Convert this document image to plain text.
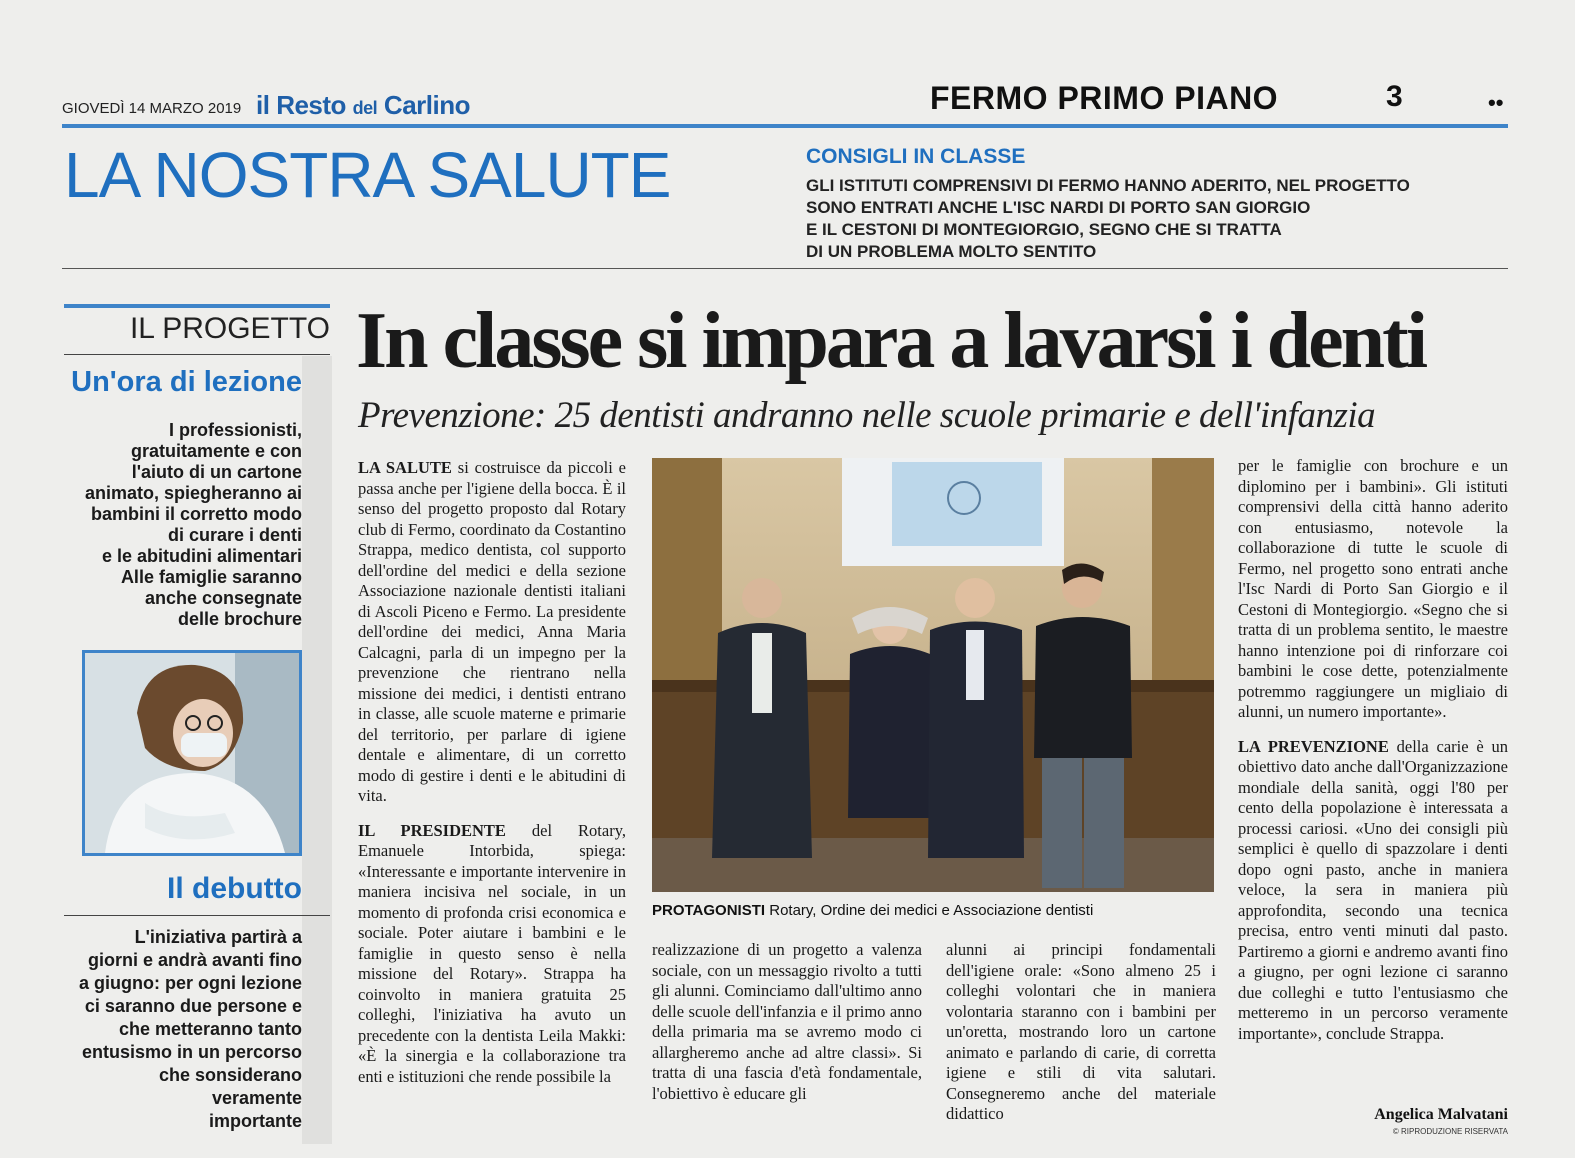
GIOVEDÌ 14 MARZO 2019 il Resto del Carlino	FERMO PRIMO PIANO	3	••
LA NOSTRA SALUTE	CONSIGLI IN CLASSE
GLI ISTITUTI COMPRENSIVI DI FERMO HANNO ADERITO, NEL PROGETTO
SONO ENTRATI ANCHE L'ISC NARDI DI PORTO SAN GIORGIO
E IL CESTONI DI MONTEGIORGIO, SEGNO CHE SI TRATTA
DI UN PROBLEMA MOLTO SENTITO
IL PROGETTO
Un'ora di lezione
I professionisti,
gratuitamente e con
l'aiuto di un cartone
animato, spiegheranno ai
bambini il corretto modo
di curare i denti
e le abitudini alimentari
Alle famiglie saranno
anche consegnate
delle brochure
Il debutto
L'iniziativa partirà a
giorni e andrà avanti fino
a giugno: per ogni lezione
ci saranno due persone e
che metteranno tanto
entusismo in un percorso
che sonsiderano
veramente
importante
In classe si impara a lavarsi i denti
Prevenzione: 25 dentisti andranno nelle scuole primarie e dell'infanzia

LA SALUTE si costruisce da piccoli e passa anche per l'igiene della bocca. È il senso del progetto proposto dal Rotary club di Fermo, coordinato da Costantino Strappa, medico dentista, col supporto dell'ordine del medici e della sezione Associazione nazionale dentisti italiani di Ascoli Piceno e Fermo. La presidente dell'ordine dei medici, Anna Maria Calcagni, parla di un impegno per la prevenzione che rientrano nella missione dei medici, i dentisti entrano in classe, alle scuole materne e primarie del territorio, per parlare di igiene dentale e alimentare, di un corretto modo di gestire i denti e le abitudini di vita.

IL PRESIDENTE del Rotary, Emanuele Intorbida, spiega: «Interessante e importante intervenire in maniera incisiva nel sociale, in un momento di profonda crisi economica e sociale. Poter aiutare i bambini e le famiglie in questo senso è nella missione del Rotary». Strappa ha coinvolto in maniera gratuita 25 colleghi, l'iniziativa ha avuto un precedente con la dentista Leila Makki: «È la sinergia e la collaborazione tra enti e istituzioni che rende possibile la

PROTAGONISTI Rotary, Ordine dei medici e Associazione dentisti

realizzazione di un progetto a valenza sociale, con un messaggio rivolto a tutti gli alunni. Cominciamo dall'ultimo anno delle scuole dell'infanzia e il primo anno della primaria ma se avremo modo ci allargheremo anche ad altre classi». Si tratta di una fascia d'età fondamentale, l'obiettivo è educare gli

alunni ai principi fondamentali dell'igiene orale: «Sono almeno 25 i colleghi volontari che in maniera volontaria staranno con i bambini per un'oretta, mostrando loro un cartone animato e parlando di carie, di corretta igiene e stili di vita salutari. Consegneremo anche del materiale didattico

per le famiglie con brochure e un diplomino per i bambini». Gli istituti comprensivi della città hanno aderito con entusiasmo, notevole la collaborazione di tutte le scuole di Fermo, nel progetto sono entrati anche l'Isc Nardi di Porto San Giorgio e il Cestoni di Montegiorgio. «Segno che si tratta di un problema sentito, le maestre hanno intenzione poi di rinforzare coi bambini le cose dette, potenzialmente potremmo raggiungere un migliaio di alunni, un numero importante».

LA PREVENZIONE della carie è un obiettivo dato anche dall'Organizzazione mondiale della sanità, oggi l'80 per cento della popolazione è interessata a processi cariosi. «Uno dei consigli più semplici è quello di spazzolare i denti dopo ogni pasto, anche in maniera veloce, la sera in maniera più approfondita, secondo una tecnica precisa, entro venti minuti dal pasto. Partiremo a giorni e andremo avanti fino a giugno, per ogni lezione ci saranno due colleghi e tutto l'entusiasmo che metteremo in un percorso veramente importante», conclude Strappa.

Angelica Malvatani
© RIPRODUZIONE RISERVATA
